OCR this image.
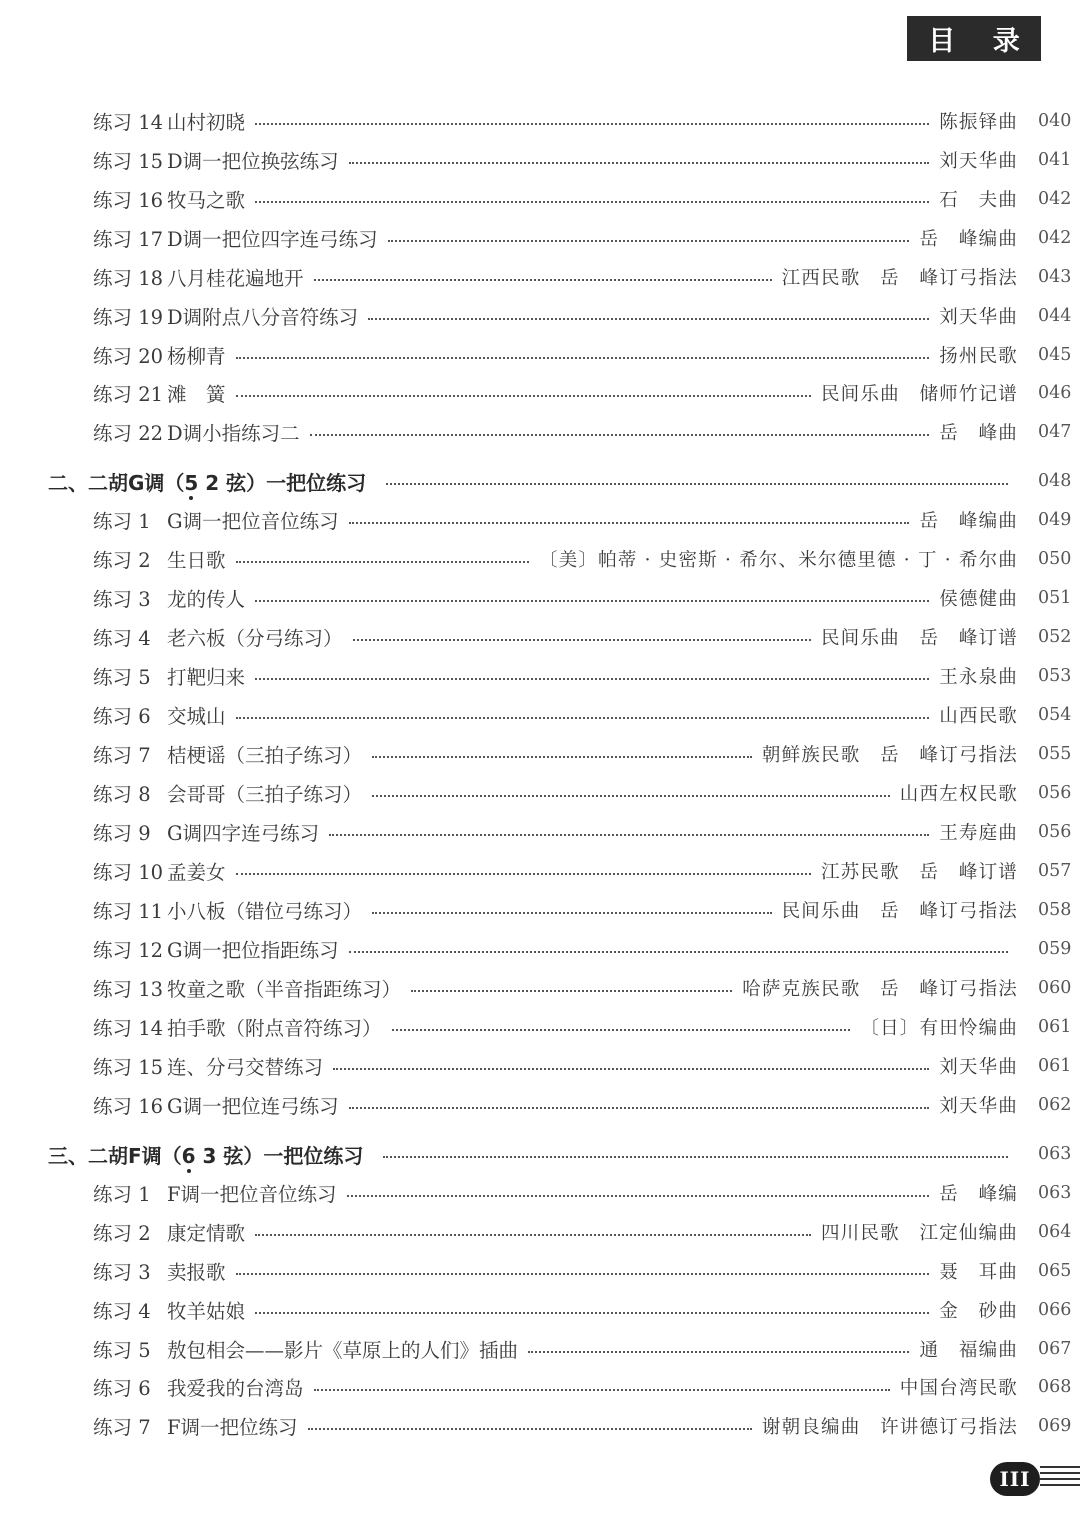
目 录
练习 14 山村初晓	陈振铎曲	040
练习 15 D调一把位换弦练习	刘天华曲	041
练习 16 牧马之歌	石　夫曲	042
练习 17 D调一把位四字连弓练习	岳　峰编曲	042
练习 18 八月桂花遍地开	江西民歌　岳　峰订弓指法	043
练习 19 D调附点八分音符练习	刘天华曲	044
练习 20 杨柳青	扬州民歌	045
练习 21 滩　簧	民间乐曲　储师竹记谱	046
练习 22 D调小指练习二	岳　峰曲	047
二、二胡G调（5 2 弦）一把位练习	048
练习 1 G调一把位音位练习	岳　峰编曲	049
练习 2 生日歌	〔美〕帕蒂 · 史密斯 · 希尔、米尔德里德 · 丁 · 希尔曲	050
练习 3 龙的传人	侯德健曲	051
练习 4 老六板（分弓练习）	民间乐曲　岳　峰订谱	052
练习 5 打靶归来	王永泉曲	053
练习 6 交城山	山西民歌	054
练习 7 桔梗谣（三拍子练习）	朝鲜族民歌　岳　峰订弓指法	055
练习 8 会哥哥（三拍子练习）	山西左权民歌	056
练习 9 G调四字连弓练习	王寿庭曲	056
练习 10 孟姜女	江苏民歌　岳　峰订谱	057
练习 11 小八板（错位弓练习）	民间乐曲　岳　峰订弓指法	058
练习 12 G调一把位指距练习	059
练习 13 牧童之歌（半音指距练习）	哈萨克族民歌　岳　峰订弓指法	060
练习 14 拍手歌（附点音符练习）	〔日〕有田怜编曲	061
练习 15 连、分弓交替练习	刘天华曲	061
练习 16 G调一把位连弓练习	刘天华曲	062
三、二胡F调（6 3 弦）一把位练习	063
练习 1 F调一把位音位练习	岳　峰编	063
练习 2 康定情歌	四川民歌　江定仙编曲	064
练习 3 卖报歌	聂　耳曲	065
练习 4 牧羊姑娘	金　砂曲	066
练习 5 敖包相会——影片《草原上的人们》插曲	通　福编曲	067
练习 6 我爱我的台湾岛	中国台湾民歌	068
练习 7 F调一把位练习	谢朝良编曲　许讲德订弓指法	069
III
